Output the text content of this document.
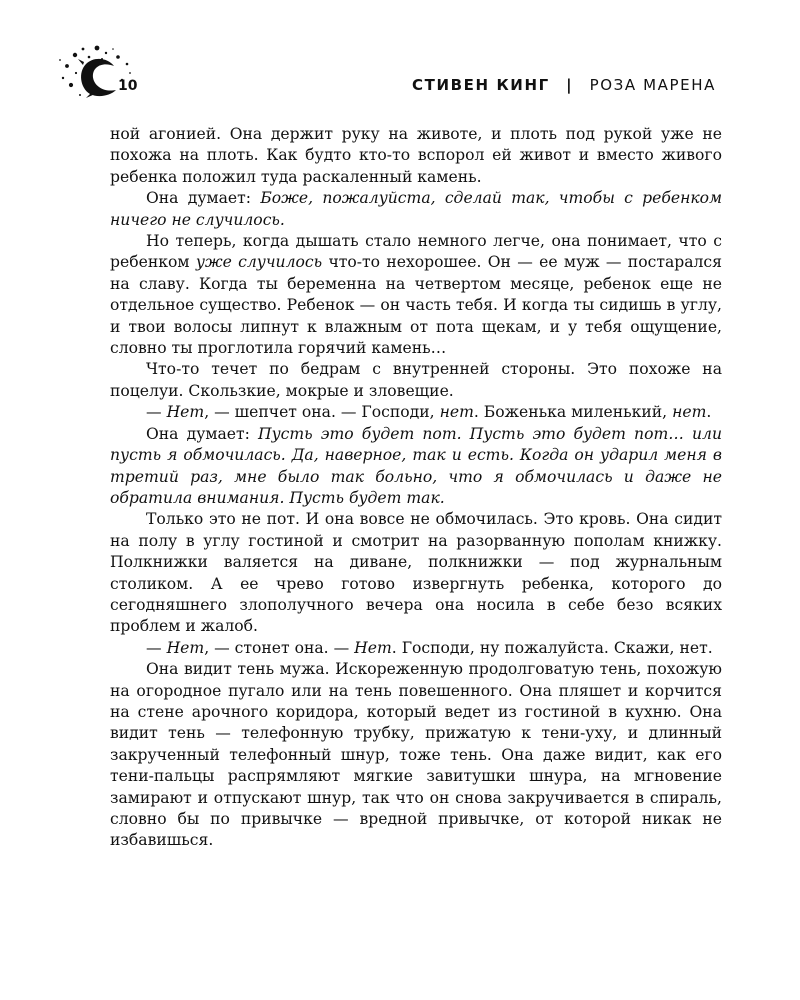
10	СТИВЕН КИНГ | РОЗА МАРЕНА

ной агонией. Она держит руку на животе, и плоть под рукой уже не похожа на плоть. Как будто кто-то вспорол ей живот и вместо живого ребенка положил туда раскаленный камень.

Она думает: Боже, пожалуйста, сделай так, чтобы с ребенком ничего не случилось.

Но теперь, когда дышать стало немного легче, она понимает, что с ребенком уже случилось что-то нехорошее. Он — ее муж — постарался на славу. Когда ты беременна на четвертом месяце, ребенок еще не отдельное существо. Ребенок — он часть тебя. И когда ты сидишь в углу, и твои волосы липнут к влажным от пота щекам, и у тебя ощущение, словно ты проглотила горячий камень…

Что-то течет по бедрам с внутренней стороны. Это похоже на поцелуи. Скользкие, мокрые и зловещие.

— Нет, — шепчет она. — Господи, нет. Боженька миленький, нет.

Она думает: Пусть это будет пот. Пусть это будет пот… или пусть я обмочилась. Да, наверное, так и есть. Когда он ударил меня в третий раз, мне было так больно, что я обмочилась и даже не обратила внимания. Пусть будет так.

Только это не пот. И она вовсе не обмочилась. Это кровь. Она сидит на полу в углу гостиной и смотрит на разорванную пополам книжку. Полкнижки валяется на диване, полкнижки — под журнальным столиком. А ее чрево готово извергнуть ребенка, которого до сегодняшнего злополучного вечера она носила в себе безо всяких проблем и жалоб.

— Нет, — стонет она. — Нет. Господи, ну пожалуйста. Скажи, нет.

Она видит тень мужа. Искореженную продолговатую тень, похожую на огородное пугало или на тень повешенного. Она пляшет и корчится на стене арочного коридора, который ведет из гостиной в кухню. Она видит тень — телефонную трубку, прижатую к тени-уху, и длинный закрученный телефонный шнур, тоже тень. Она даже видит, как его тени-пальцы распрямляют мягкие завитушки шнура, на мгновение замирают и отпускают шнур, так что он снова закручивается в спираль, словно бы по привычке — вредной привычке, от которой никак не избавишься.
